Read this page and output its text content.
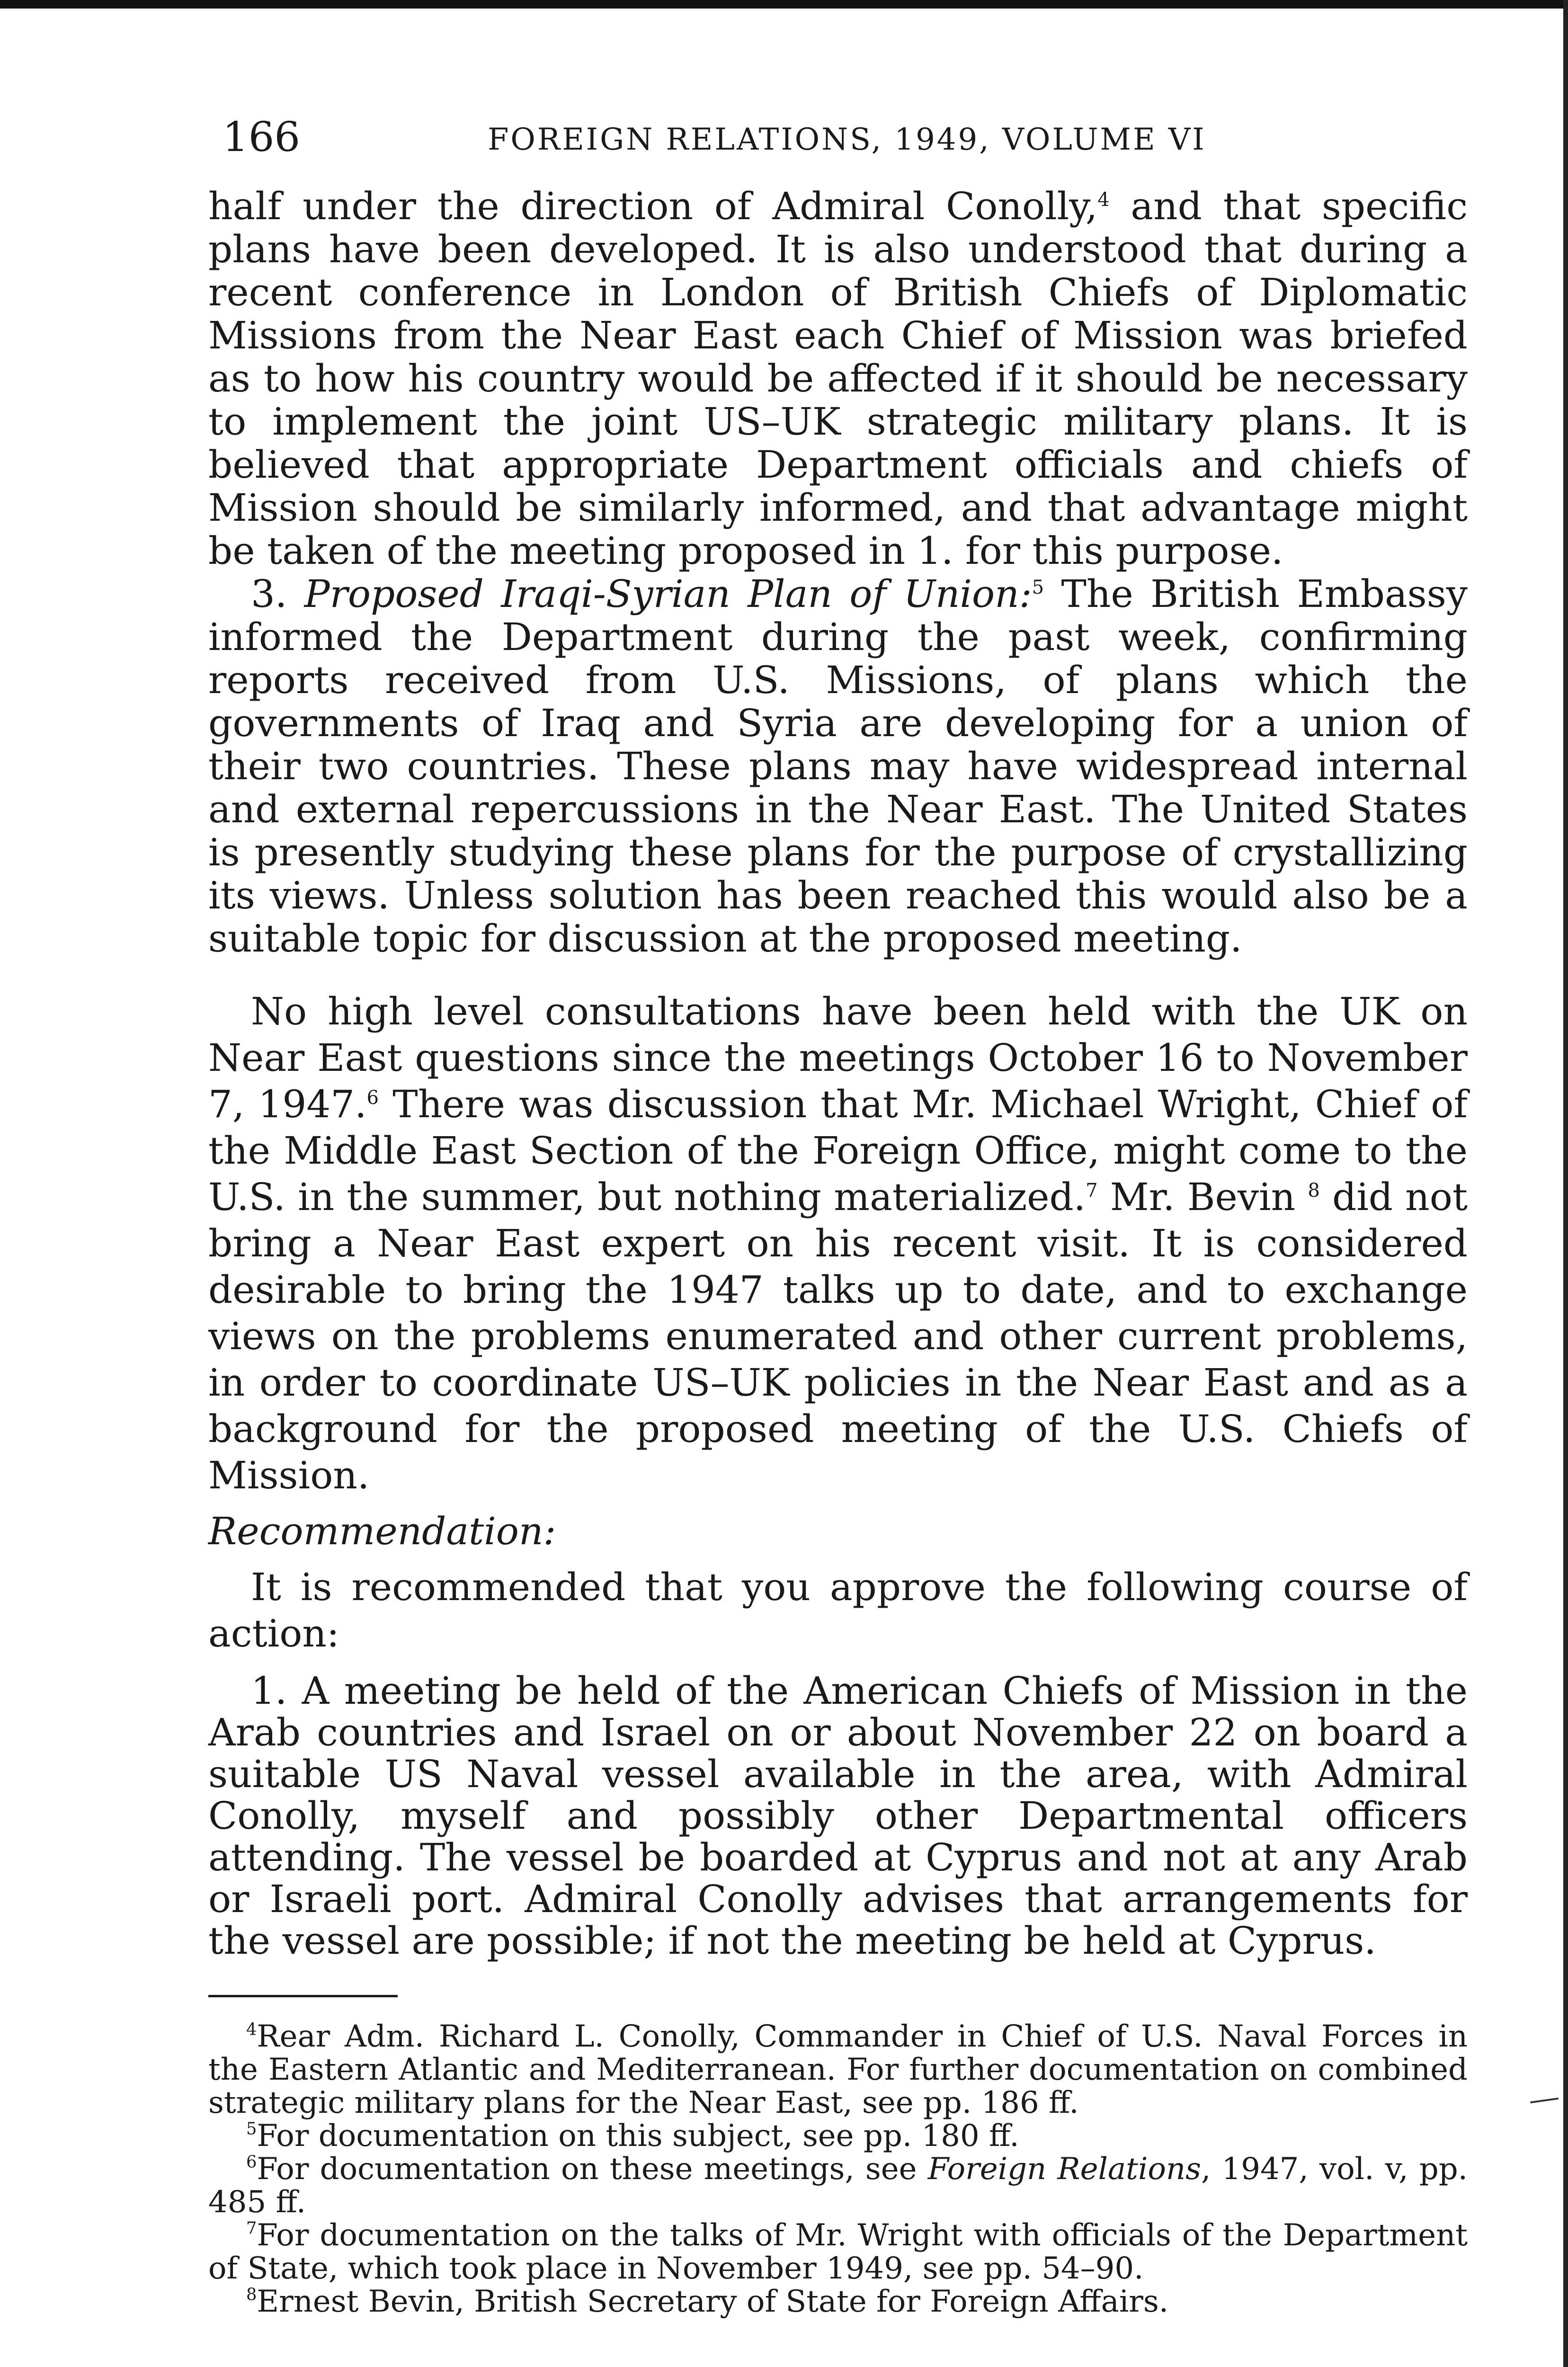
166	FOREIGN RELATIONS, 1949, VOLUME VI

half under the direction of Admiral Conolly,$^4$ and that specific plans have been developed. It is also understood that during a recent conference in London of British Chiefs of Diplomatic Missions from the Near East each Chief of Mission was briefed as to how his country would be affected if it should be necessary to implement the joint US–UK strategic military plans. It is believed that appropriate Department officials and chiefs of Mission should be similarly informed, and that advantage might be taken of the meeting proposed in 1. for this purpose.

3. Proposed Iraqi-Syrian Plan of Union:$^5$ The British Embassy informed the Department during the past week, confirming reports received from U.S. Missions, of plans which the governments of Iraq and Syria are developing for a union of their two countries. These plans may have widespread internal and external repercussions in the Near East. The United States is presently studying these plans for the purpose of crystallizing its views. Unless solution has been reached this would also be a suitable topic for discussion at the proposed meeting.

No high level consultations have been held with the UK on Near East questions since the meetings October 16 to November 7, 1947.$^6$ There was discussion that Mr. Michael Wright, Chief of the Middle East Section of the Foreign Office, might come to the U.S. in the summer, but nothing materialized.$^7$ Mr. Bevin $^8$ did not bring a Near East expert on his recent visit. It is considered desirable to bring the 1947 talks up to date, and to exchange views on the problems enumerated and other current problems, in order to coordinate US–UK policies in the Near East and as a background for the proposed meeting of the U.S. Chiefs of Mission.

Recommendation:

It is recommended that you approve the following course of action:

1. A meeting be held of the American Chiefs of Mission in the Arab countries and Israel on or about November 22 on board a suitable US Naval vessel available in the area, with Admiral Conolly, myself and possibly other Departmental officers attending. The vessel be boarded at Cyprus and not at any Arab or Israeli port. Admiral Conolly advises that arrangements for the vessel are possible; if not the meeting be held at Cyprus.

$^4$Rear Adm. Richard L. Conolly, Commander in Chief of U.S. Naval Forces in the Eastern Atlantic and Mediterranean. For further documentation on combined strategic military plans for the Near East, see pp. 186 ff.

$^5$For documentation on this subject, see pp. 180 ff.

$^6$For documentation on these meetings, see Foreign Relations, 1947, vol. v, pp. 485 ff.

$^7$For documentation on the talks of Mr. Wright with officials of the Department of State, which took place in November 1949, see pp. 54–90.

$^8$Ernest Bevin, British Secretary of State for Foreign Affairs.
